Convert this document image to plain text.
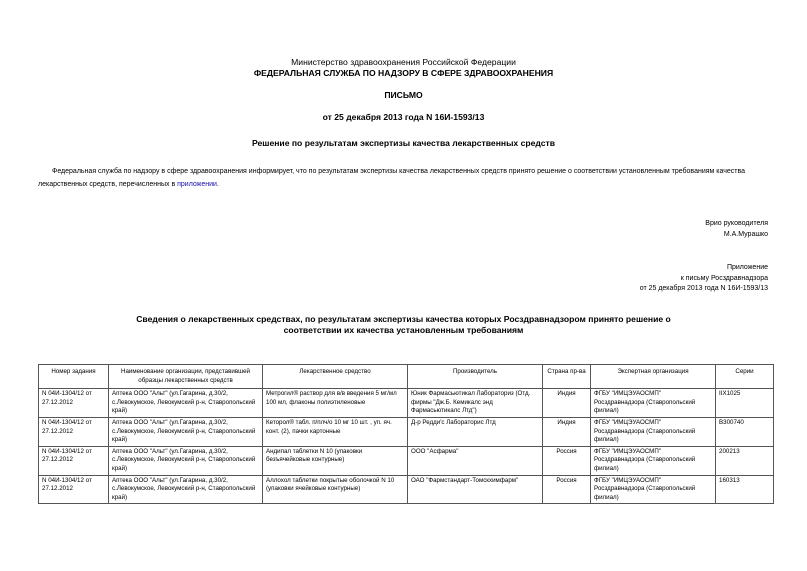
Министерство здравоохранения Российской Федерации
ФЕДЕРАЛЬНАЯ СЛУЖБА ПО НАДЗОРУ В СФЕРЕ ЗДРАВООХРАНЕНИЯ
ПИСЬМО
от 25 декабря 2013 года N 16И-1593/13
Решение по результатам экспертизы качества лекарственных средств
Федеральная служба по надзору в сфере здравоохранения информирует, что по результатам экспертизы качества лекарственных средств принято решение о соответствии установленным требованиям качества лекарственных средств, перечисленных в приложении.
Врио руководителя
М.А.Мурашко
Приложение
к письму Росздравнадзора
от 25 декабря 2013 года N 16И-1593/13
Сведения о лекарственных средствах, по результатам экспертизы качества которых Росздравнадзором принято решение о соответствии их качества установленным требованиям
Номер задания	Наименование организации, представившей образцы лекарственных средств	Лекарственное средство	Производитель	Страна пр-ва	Экспертная организация	Серии
N 04И-1304/12 от 27.12.2012	Аптека ООО "Альт" (ул.Гагарина, д.30/2, с.Левокумское, Левокумский р-н, Ставропольский край)	Метрогил® раствор для в/в введения 5 мг/мл 100 мл, флаконы полиэтиленовые	Юник Фармасьютикал Лабораториз (Отд. фирмы "Дж.Б. Кемикалс энд Фармасьютикалс Лтд")	Индия	ФГБУ "ИМЦЭУАОСМП" Росздравнадзора (Ставропольский филиал)	IIX1025
N 04И-1304/12 от 27.12.2012	Аптека ООО "Альт" (ул.Гагарина, д.30/2, с.Левокумское, Левокумский р-н, Ставропольский край)	Кеторол® табл. п/плч/о 10 мг 10 шт. , уп. яч. конт. (2), пачки картонные	Д-р Редди'с Лабораторис Лтд	Индия	ФГБУ "ИМЦЭУАОСМП" Росздравнадзора (Ставропольский филиал)	B300740
N 04И-1304/12 от 27.12.2012	Аптека ООО "Альт" (ул.Гагарина, д.30/2, с.Левокумское, Левокумский р-н, Ставропольский край)	Андипал таблетки N 10 (упаковки безъячейковые контурные)	ООО "Асфарма"	Россия	ФГБУ "ИМЦЭУАОСМП" Росздравнадзора (Ставропольский филиал)	200213
N 04И-1304/12 от 27.12.2012	Аптека ООО "Альт" (ул.Гагарина, д.30/2, с.Левокумское, Левокумский р-н, Ставропольский край)	Аллохол таблетки покрытые оболочкой N 10 (упаковки ячейковые контурные)	ОАО "Фармстандарт-Томскхимфарм"	Россия	ФГБУ "ИМЦЭУАОСМП" Росздравнадзора (Ставропольский филиал)	160313
